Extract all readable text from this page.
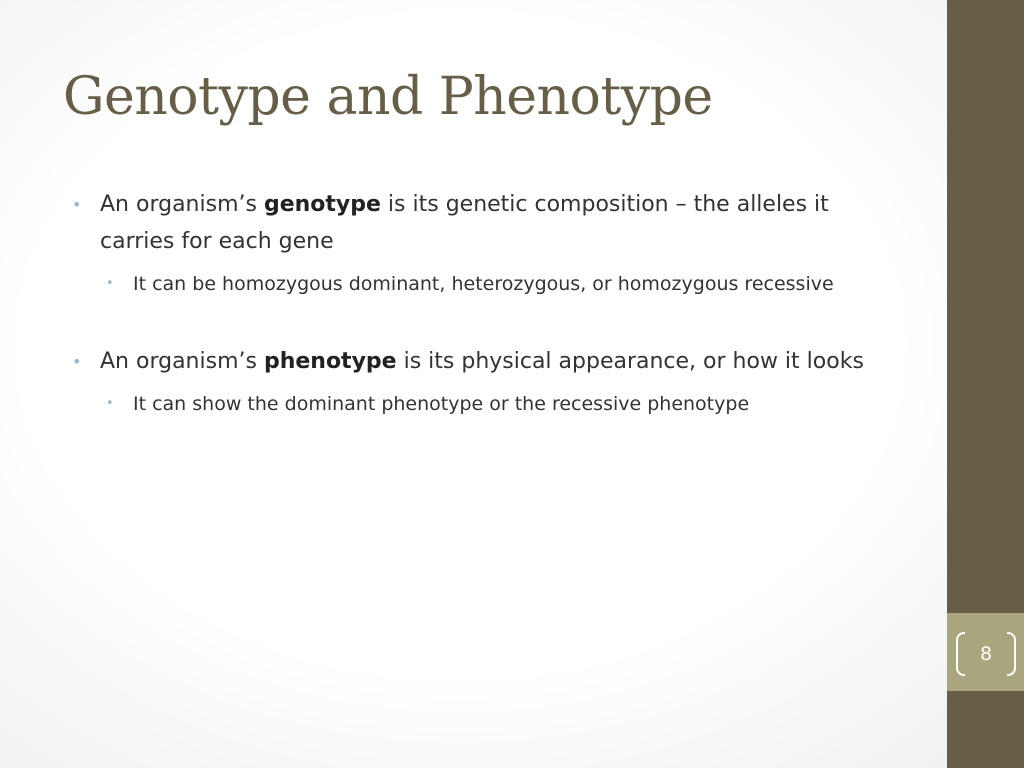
Genotype and Phenotype

• An organism’s genotype is its genetic composition – the alleles it carries for each gene

• It can be homozygous dominant, heterozygous, or homozygous recessive

• An organism’s phenotype is its physical appearance, or how it looks

• It can show the dominant phenotype or the recessive phenotype

8
